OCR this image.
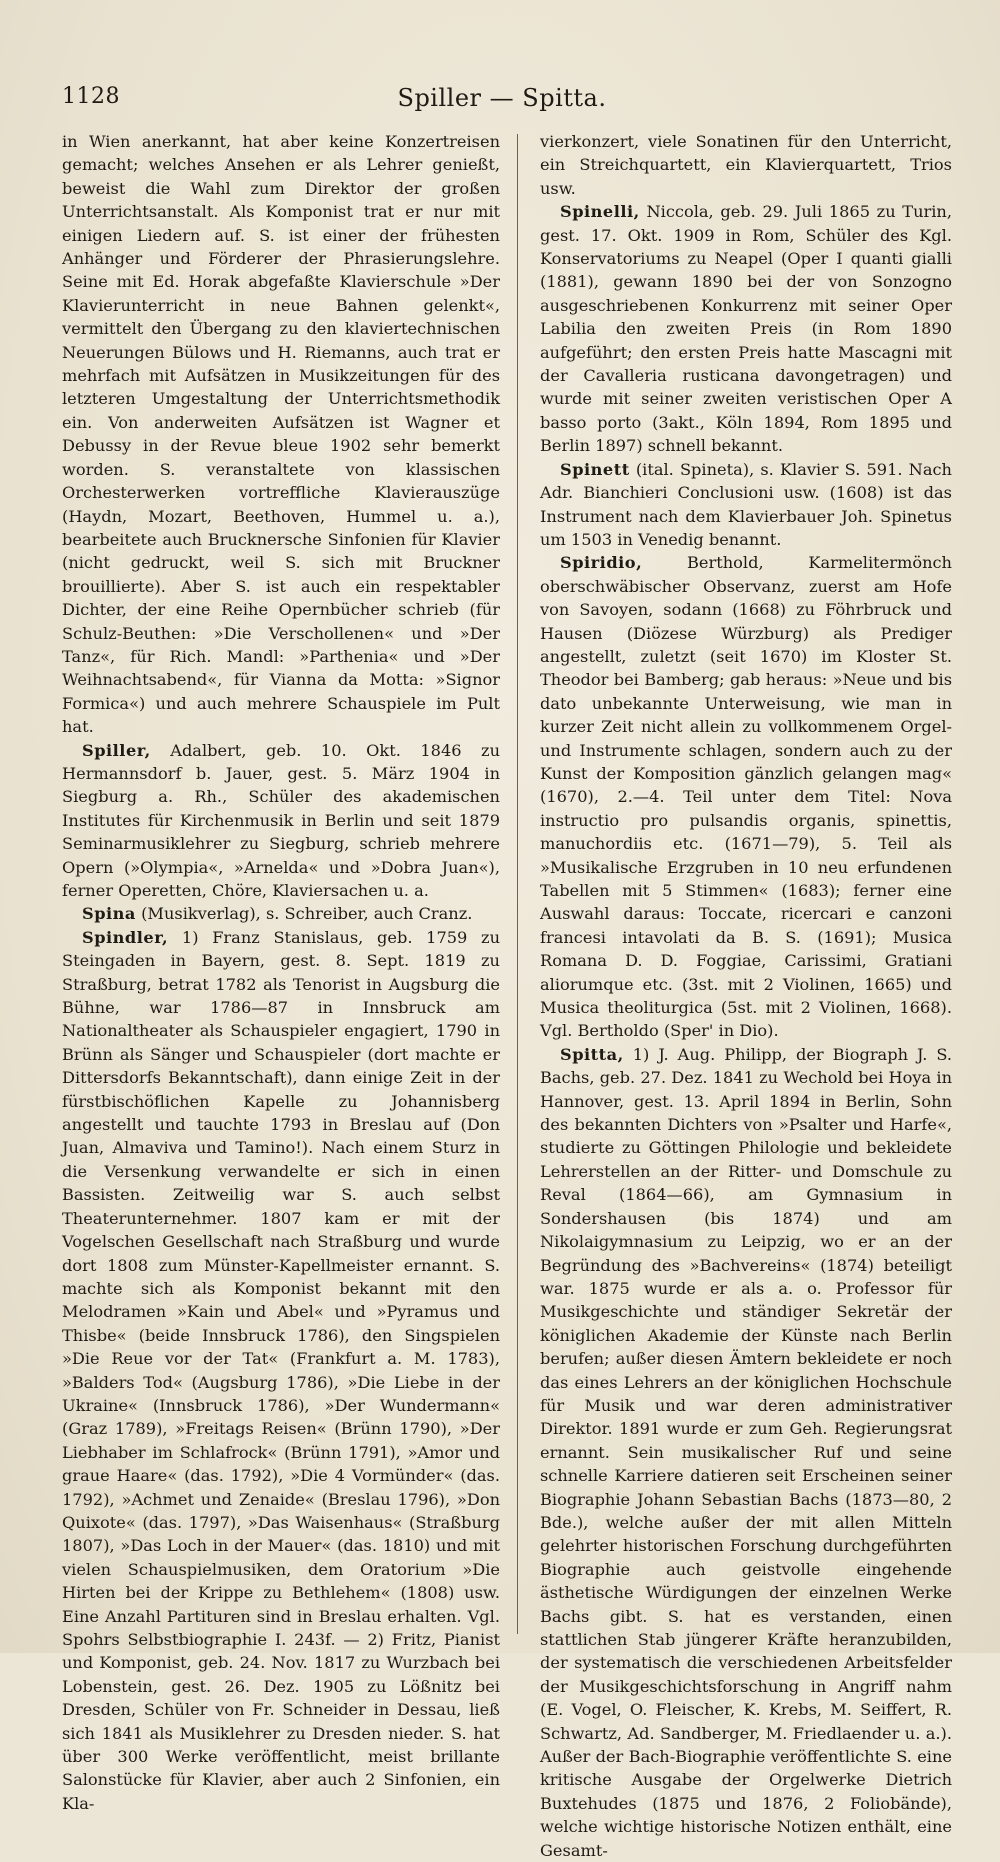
1128	Spiller — Spitta.

in Wien anerkannt, hat aber keine Konzertreisen gemacht; welches Ansehen er als Lehrer genießt, beweist die Wahl zum Direktor der großen Unterrichtsanstalt. Als Komponist trat er nur mit einigen Liedern auf. S. ist einer der frühesten Anhänger und Förderer der Phrasierungslehre. Seine mit Ed. Horak abgefaßte Klavierschule »Der Klavierunterricht in neue Bahnen gelenkt«, vermittelt den Übergang zu den klaviertechnischen Neuerungen Bülows und H. Riemanns, auch trat er mehrfach mit Aufsätzen in Musikzeitungen für des letzteren Umgestaltung der Unterrichtsmethodik ein. Von anderweiten Aufsätzen ist Wagner et Debussy in der Revue bleue 1902 sehr bemerkt worden. S. veranstaltete von klassischen Orchesterwerken vortreffliche Klavierauszüge (Haydn, Mozart, Beethoven, Hummel u. a.), bearbeitete auch Brucknersche Sinfonien für Klavier (nicht gedruckt, weil S. sich mit Bruckner brouillierte). Aber S. ist auch ein respektabler Dichter, der eine Reihe Opernbücher schrieb (für Schulz-Beuthen: »Die Verschollenen« und »Der Tanz«, für Rich. Mandl: »Parthenia« und »Der Weihnachtsabend«, für Vianna da Motta: »Signor Formica«) und auch mehrere Schauspiele im Pult hat.

Spiller, Adalbert, geb. 10. Okt. 1846 zu Hermannsdorf b. Jauer, gest. 5. März 1904 in Siegburg a. Rh., Schüler des akademischen Institutes für Kirchenmusik in Berlin und seit 1879 Seminarmusiklehrer zu Siegburg, schrieb mehrere Opern (»Olympia«, »Arnelda« und »Dobra Juan«), ferner Operetten, Chöre, Klaviersachen u. a.

Spina (Musikverlag), s. Schreiber, auch Cranz.

Spindler, 1) Franz Stanislaus, geb. 1759 zu Steingaden in Bayern, gest. 8. Sept. 1819 zu Straßburg, betrat 1782 als Tenorist in Augsburg die Bühne, war 1786—87 in Innsbruck am Nationaltheater als Schauspieler engagiert, 1790 in Brünn als Sänger und Schauspieler (dort machte er Dittersdorfs Bekanntschaft), dann einige Zeit in der fürstbischöflichen Kapelle zu Johannisberg angestellt und tauchte 1793 in Breslau auf (Don Juan, Almaviva und Tamino!). Nach einem Sturz in die Versenkung verwandelte er sich in einen Bassisten. Zeitweilig war S. auch selbst Theaterunternehmer. 1807 kam er mit der Vogelschen Gesellschaft nach Straßburg und wurde dort 1808 zum Münster-Kapellmeister ernannt. S. machte sich als Komponist bekannt mit den Melodramen »Kain und Abel« und »Pyramus und Thisbe« (beide Innsbruck 1786), den Singspielen »Die Reue vor der Tat« (Frankfurt a. M. 1783), »Balders Tod« (Augsburg 1786), »Die Liebe in der Ukraine« (Innsbruck 1786), »Der Wundermann« (Graz 1789), »Freitags Reisen« (Brünn 1790), »Der Liebhaber im Schlafrock« (Brünn 1791), »Amor und graue Haare« (das. 1792), »Die 4 Vormünder« (das. 1792), »Achmet und Zenaide« (Breslau 1796), »Don Quixote« (das. 1797), »Das Waisenhaus« (Straßburg 1807), »Das Loch in der Mauer« (das. 1810) und mit vielen Schauspielmusiken, dem Oratorium »Die Hirten bei der Krippe zu Bethlehem« (1808) usw. Eine Anzahl Partituren sind in Breslau erhalten. Vgl. Spohrs Selbstbiographie I. 243f. — 2) Fritz, Pianist und Komponist, geb. 24. Nov. 1817 zu Wurzbach bei Lobenstein, gest. 26. Dez. 1905 zu Lößnitz bei Dresden, Schüler von Fr. Schneider in Dessau, ließ sich 1841 als Musiklehrer zu Dresden nieder. S. hat über 300 Werke veröffentlicht, meist brillante Salonstücke für Klavier, aber auch 2 Sinfonien, ein Kla-

vierkonzert, viele Sonatinen für den Unterricht, ein Streichquartett, ein Klavierquartett, Trios usw.

Spinelli, Niccola, geb. 29. Juli 1865 zu Turin, gest. 17. Okt. 1909 in Rom, Schüler des Kgl. Konservatoriums zu Neapel (Oper I quanti gialli (1881), gewann 1890 bei der von Sonzogno ausgeschriebenen Konkurrenz mit seiner Oper Labilia den zweiten Preis (in Rom 1890 aufgeführt; den ersten Preis hatte Mascagni mit der Cavalleria rusticana davongetragen) und wurde mit seiner zweiten veristischen Oper A basso porto (3akt., Köln 1894, Rom 1895 und Berlin 1897) schnell bekannt.

Spinett (ital. Spineta), s. Klavier S. 591. Nach Adr. Bianchieri Conclusioni usw. (1608) ist das Instrument nach dem Klavierbauer Joh. Spinetus um 1503 in Venedig benannt.

Spiridio,	Berthold, Karmelitermönch oberschwäbischer Observanz, zuerst am Hofe von Savoyen, sodann (1668) zu Föhrbruck und Hausen (Diözese Würzburg) als Prediger angestellt, zuletzt (seit 1670) im Kloster St. Theodor bei Bamberg; gab heraus: »Neue und bis dato unbekannte Unterweisung, wie man in kurzer Zeit nicht allein zu vollkommenem Orgel- und Instrumente schlagen, sondern auch zu der Kunst der Komposition gänzlich gelangen mag« (1670), 2.—4. Teil unter dem Titel: Nova instructio pro pulsandis organis, spinettis, manuchordiis etc. (1671—79), 5. Teil als »Musikalische Erzgruben in 10 neu erfundenen Tabellen mit 5 Stimmen« (1683); ferner eine Auswahl daraus: Toccate, ricercari e canzoni francesi intavolati da B. S. (1691); Musica Romana D. D. Foggiae, Carissimi, Gratiani aliorumque etc. (3st. mit 2 Violinen, 1665) und Musica theoliturgica (5st. mit 2 Violinen, 1668). Vgl. Bertholdo (Sper' in Dio).

Spitta, 1) J. Aug. Philipp, der Biograph J. S. Bachs, geb. 27. Dez. 1841 zu Wechold bei Hoya in Hannover, gest. 13. April 1894 in Berlin, Sohn des bekannten Dichters von »Psalter und Harfe«, studierte zu Göttingen Philologie und bekleidete Lehrerstellen an der Ritter- und Domschule zu Reval (1864—66), am Gymnasium in Sondershausen (bis 1874) und am Nikolaigymnasium zu Leipzig, wo er an der Begründung des »Bachvereins« (1874) beteiligt war. 1875 wurde er als a. o. Professor für Musikgeschichte und ständiger Sekretär der königlichen Akademie der Künste nach Berlin berufen; außer diesen Ämtern bekleidete er noch das eines Lehrers an der königlichen Hochschule für Musik und war deren administrativer Direktor. 1891 wurde er zum Geh. Regierungsrat ernannt. Sein musikalischer Ruf und seine schnelle Karriere datieren seit Erscheinen seiner Biographie Johann Sebastian Bachs (1873—80, 2 Bde.), welche außer der mit allen Mitteln gelehrter historischen Forschung durchgeführten Biographie auch geistvolle eingehende ästhetische Würdigungen der einzelnen Werke Bachs gibt. S. hat es verstanden, einen stattlichen Stab jüngerer Kräfte heranzubilden, der systematisch die verschiedenen Arbeitsfelder der Musikgeschichtsforschung in Angriff nahm (E. Vogel, O. Fleischer, K. Krebs, M. Seiffert, R. Schwartz, Ad. Sandberger, M. Friedlaender u. a.). Außer der Bach-Biographie veröffentlichte S. eine kritische Ausgabe der Orgelwerke Dietrich Buxtehudes (1875 und 1876, 2 Foliobände), welche wichtige historische Notizen enthält, eine Gesamt-
